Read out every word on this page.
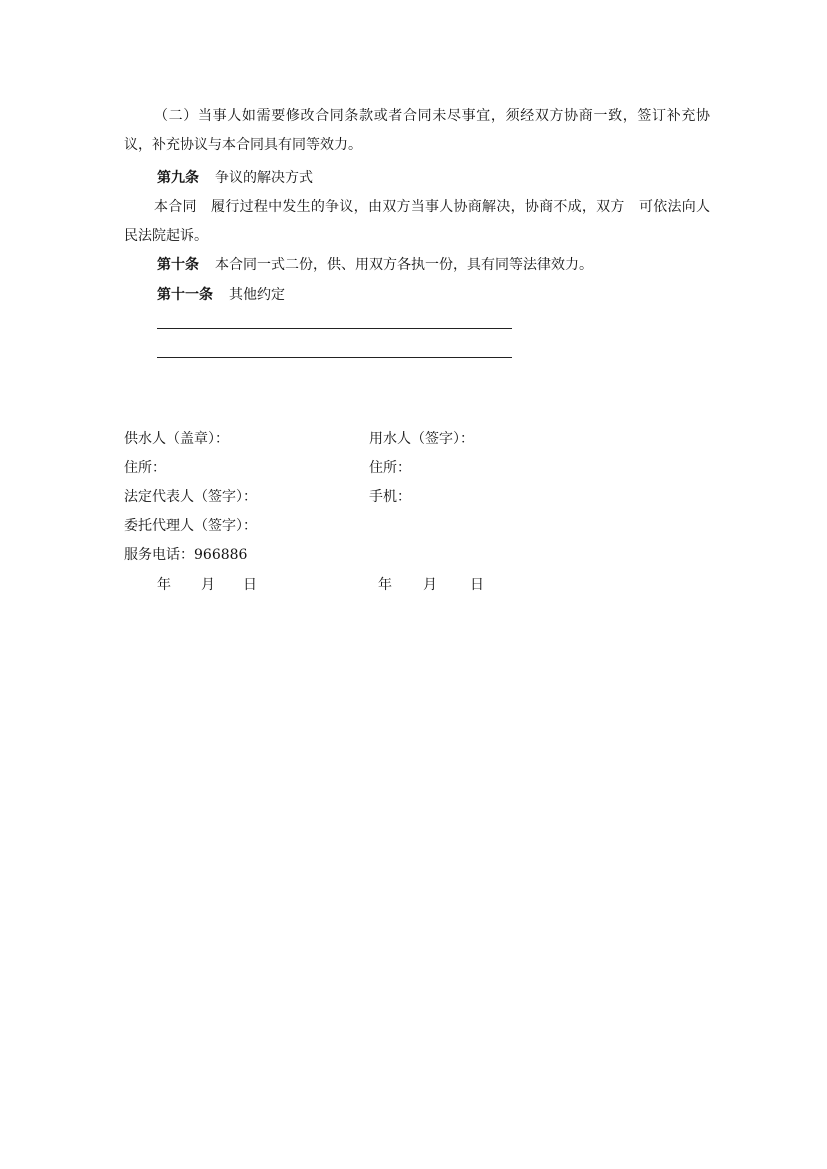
（二）当事人如需要修改合同条款或者合同未尽事宜，须经双方协商一致，签订补充协议，补充协议与本合同具有同等效力。

第九条 争议的解决方式

本合同　履行过程中发生的争议，由双方当事人协商解决，协商不成，双方　可依法向人民法院起诉。

第十条 本合同一式二份，供、用双方各执一份，具有同等法律效力。

第十一条 其他约定

供水人（盖章）：	用水人（签字）：
住所：	住所：
法定代表人（签字）：	手机：
委托代理人（签字）：
服务电话：966886
年 月 日	年 月 日
